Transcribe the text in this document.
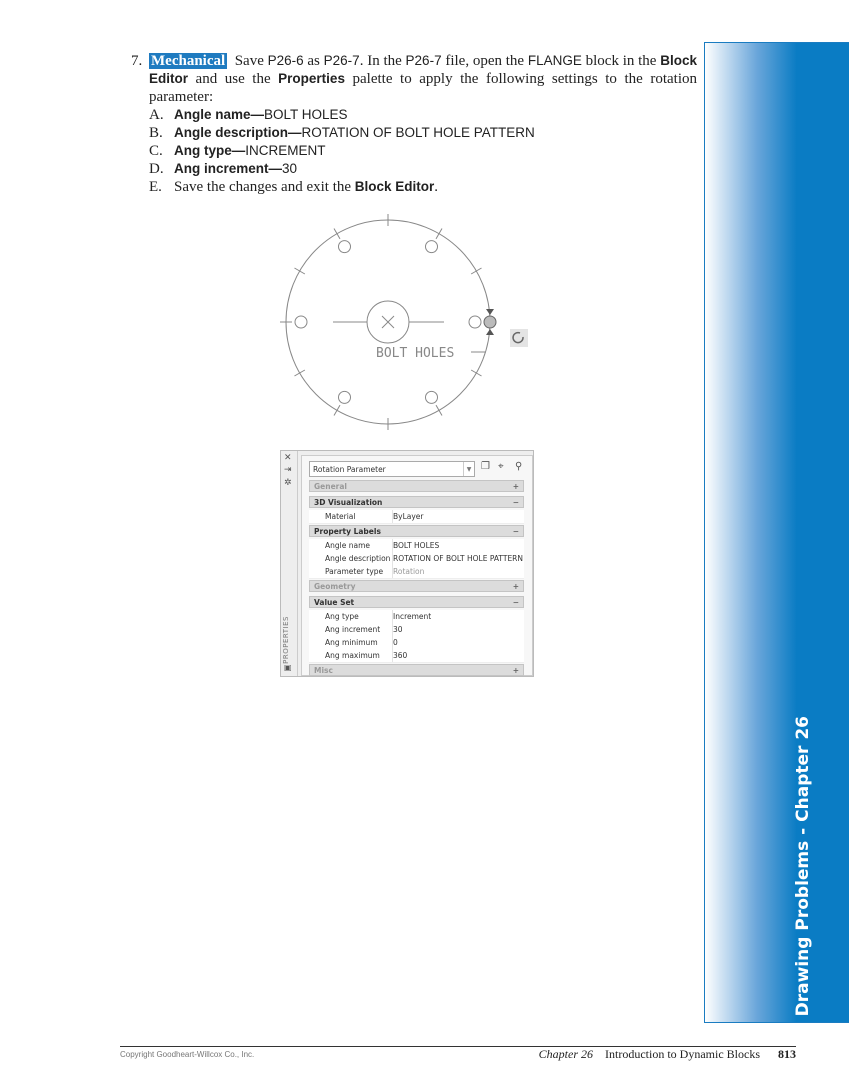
7. Mechanical Save P26-6 as P26-7. In the P26-7 file, open the FLANGE block in the Block Editor and use the Properties palette to apply the following settings to the rotation parameter:
A. Angle name—BOLT HOLES
B. Angle description—ROTATION OF BOLT HOLE PATTERN
C. Ang type—INCREMENT
D. Ang increment—30
E. Save the changes and exit the Block Editor.
BOLT HOLES
✕
⇥
✲
PROPERTIES
▣
Rotation Parameter	▼ ❐ ⌖ ⚲
General	+
3D Visualization	−
Material	ByLayer
Property Labels	−
Angle name	BOLT HOLES
Angle description ROTATION OF BOLT HOLE PATTERN
Parameter type Rotation
Geometry	+
Value Set	−
Ang type	Increment
Ang increment 30
Ang minimum 0
Ang maximum 360
Misc	+
Drawing Problems - Chapter 26
Copyright Goodheart-Willcox Co., Inc.	Chapter 26 Introduction to Dynamic Blocks 813
